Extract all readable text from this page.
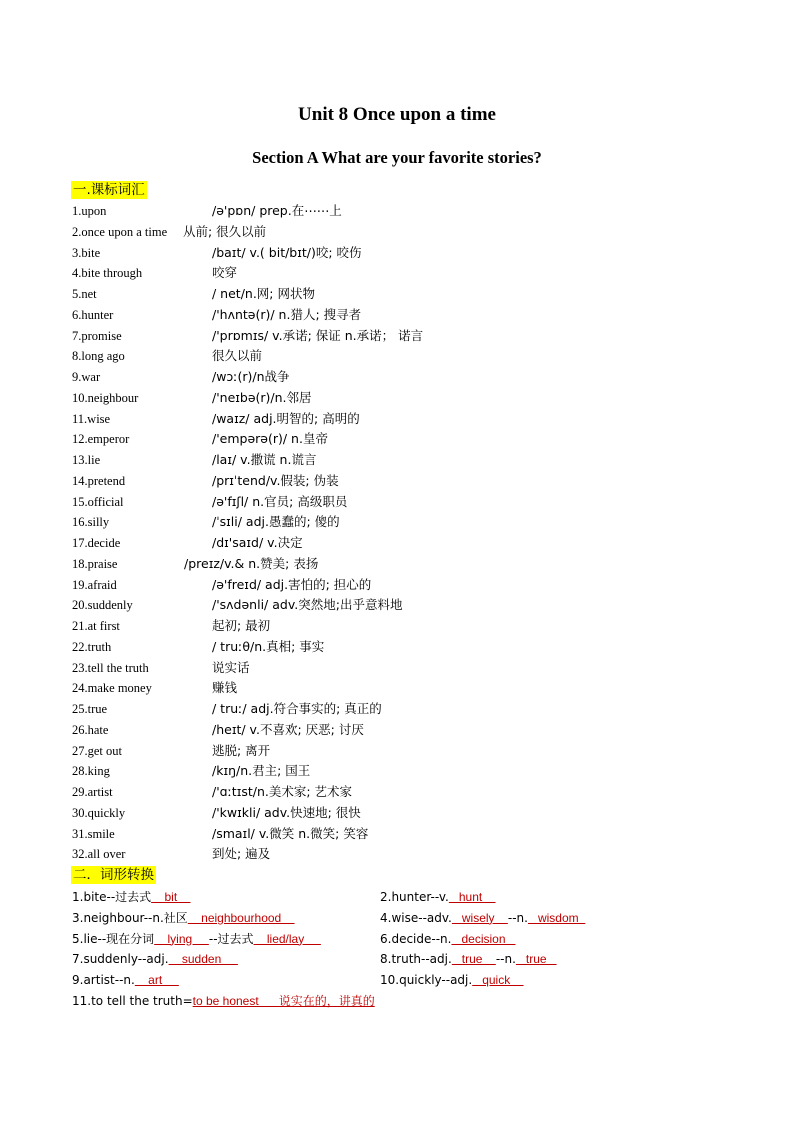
Unit 8 Once upon a time
Section A What are your favorite stories?
一.课标词汇
1.upon	/ə'pɒn/ prep.在⋯⋯上
2.once upon a time 从前; 很久以前
3.bite	/baɪt/ v.( bit/bɪt/)咬; 咬伤
4.bite through	咬穿
5.net	/ net/n.网; 网状物
6.hunter	/'hʌntə(r)/ n.猎人; 搜寻者
7.promise	/'prɒmɪs/ v.承诺; 保证 n.承诺； 诺言
8.long ago	很久以前
9.war	/wɔː(r)/n战争
10.neighbour	/'neɪbə(r)/n.邻居
11.wise	/waɪz/ adj.明智的; 高明的
12.emperor	/'empərə(r)/ n.皇帝
13.lie	/laɪ/ v.撒谎 n.谎言
14.pretend	/prɪˈtend/v.假装; 伪装
15.official	/ə'fɪʃl/ n.官员; 高级职员
16.silly	/ˈsɪli/ adj.愚蠢的; 傻的
17.decide	/dɪ'saɪd/ v.决定
18.praise	/preɪz/v.& n.赞美; 表扬
19.afraid	/ə'freɪd/ adj.害怕的; 担心的
20.suddenly	/'sʌdənli/ adv.突然地;出乎意料地
21.at first	起初; 最初
22.truth	/ truːθ/n.真相; 事实
23.tell the truth	说实话
24.make money	赚钱
25.true	/ truː/ adj.符合事实的; 真正的
26.hate	/heɪt/ v.不喜欢; 厌恶; 讨厌
27.get out	逃脱; 离开
28.king	/kɪŋ/n.君主; 国王
29.artist	/'ɑːtɪst/n.美术家; 艺术家
30.quickly	/'kwɪkli/ adv.快速地; 很快
31.smile	/smaɪl/ v.微笑 n.微笑; 笑容
32.all over	到处; 遍及
二．词形转换
1.bite--过去式    bit	2.hunter--v.   hunt
3.neighbour--n.社区    neighbourhood	4.wise--adv.   wisely    --n.   wisdom
5.lie--现在分词    lying     --过去式    lied/lay	6.decide--n.   decision
7.suddenly--adj.    sudden	8.truth--adj.   true    --n.   true
9.artist--n.    art	10.quickly--adj.   quick
11.to tell the truth=to be honest      说实在的，讲真的
